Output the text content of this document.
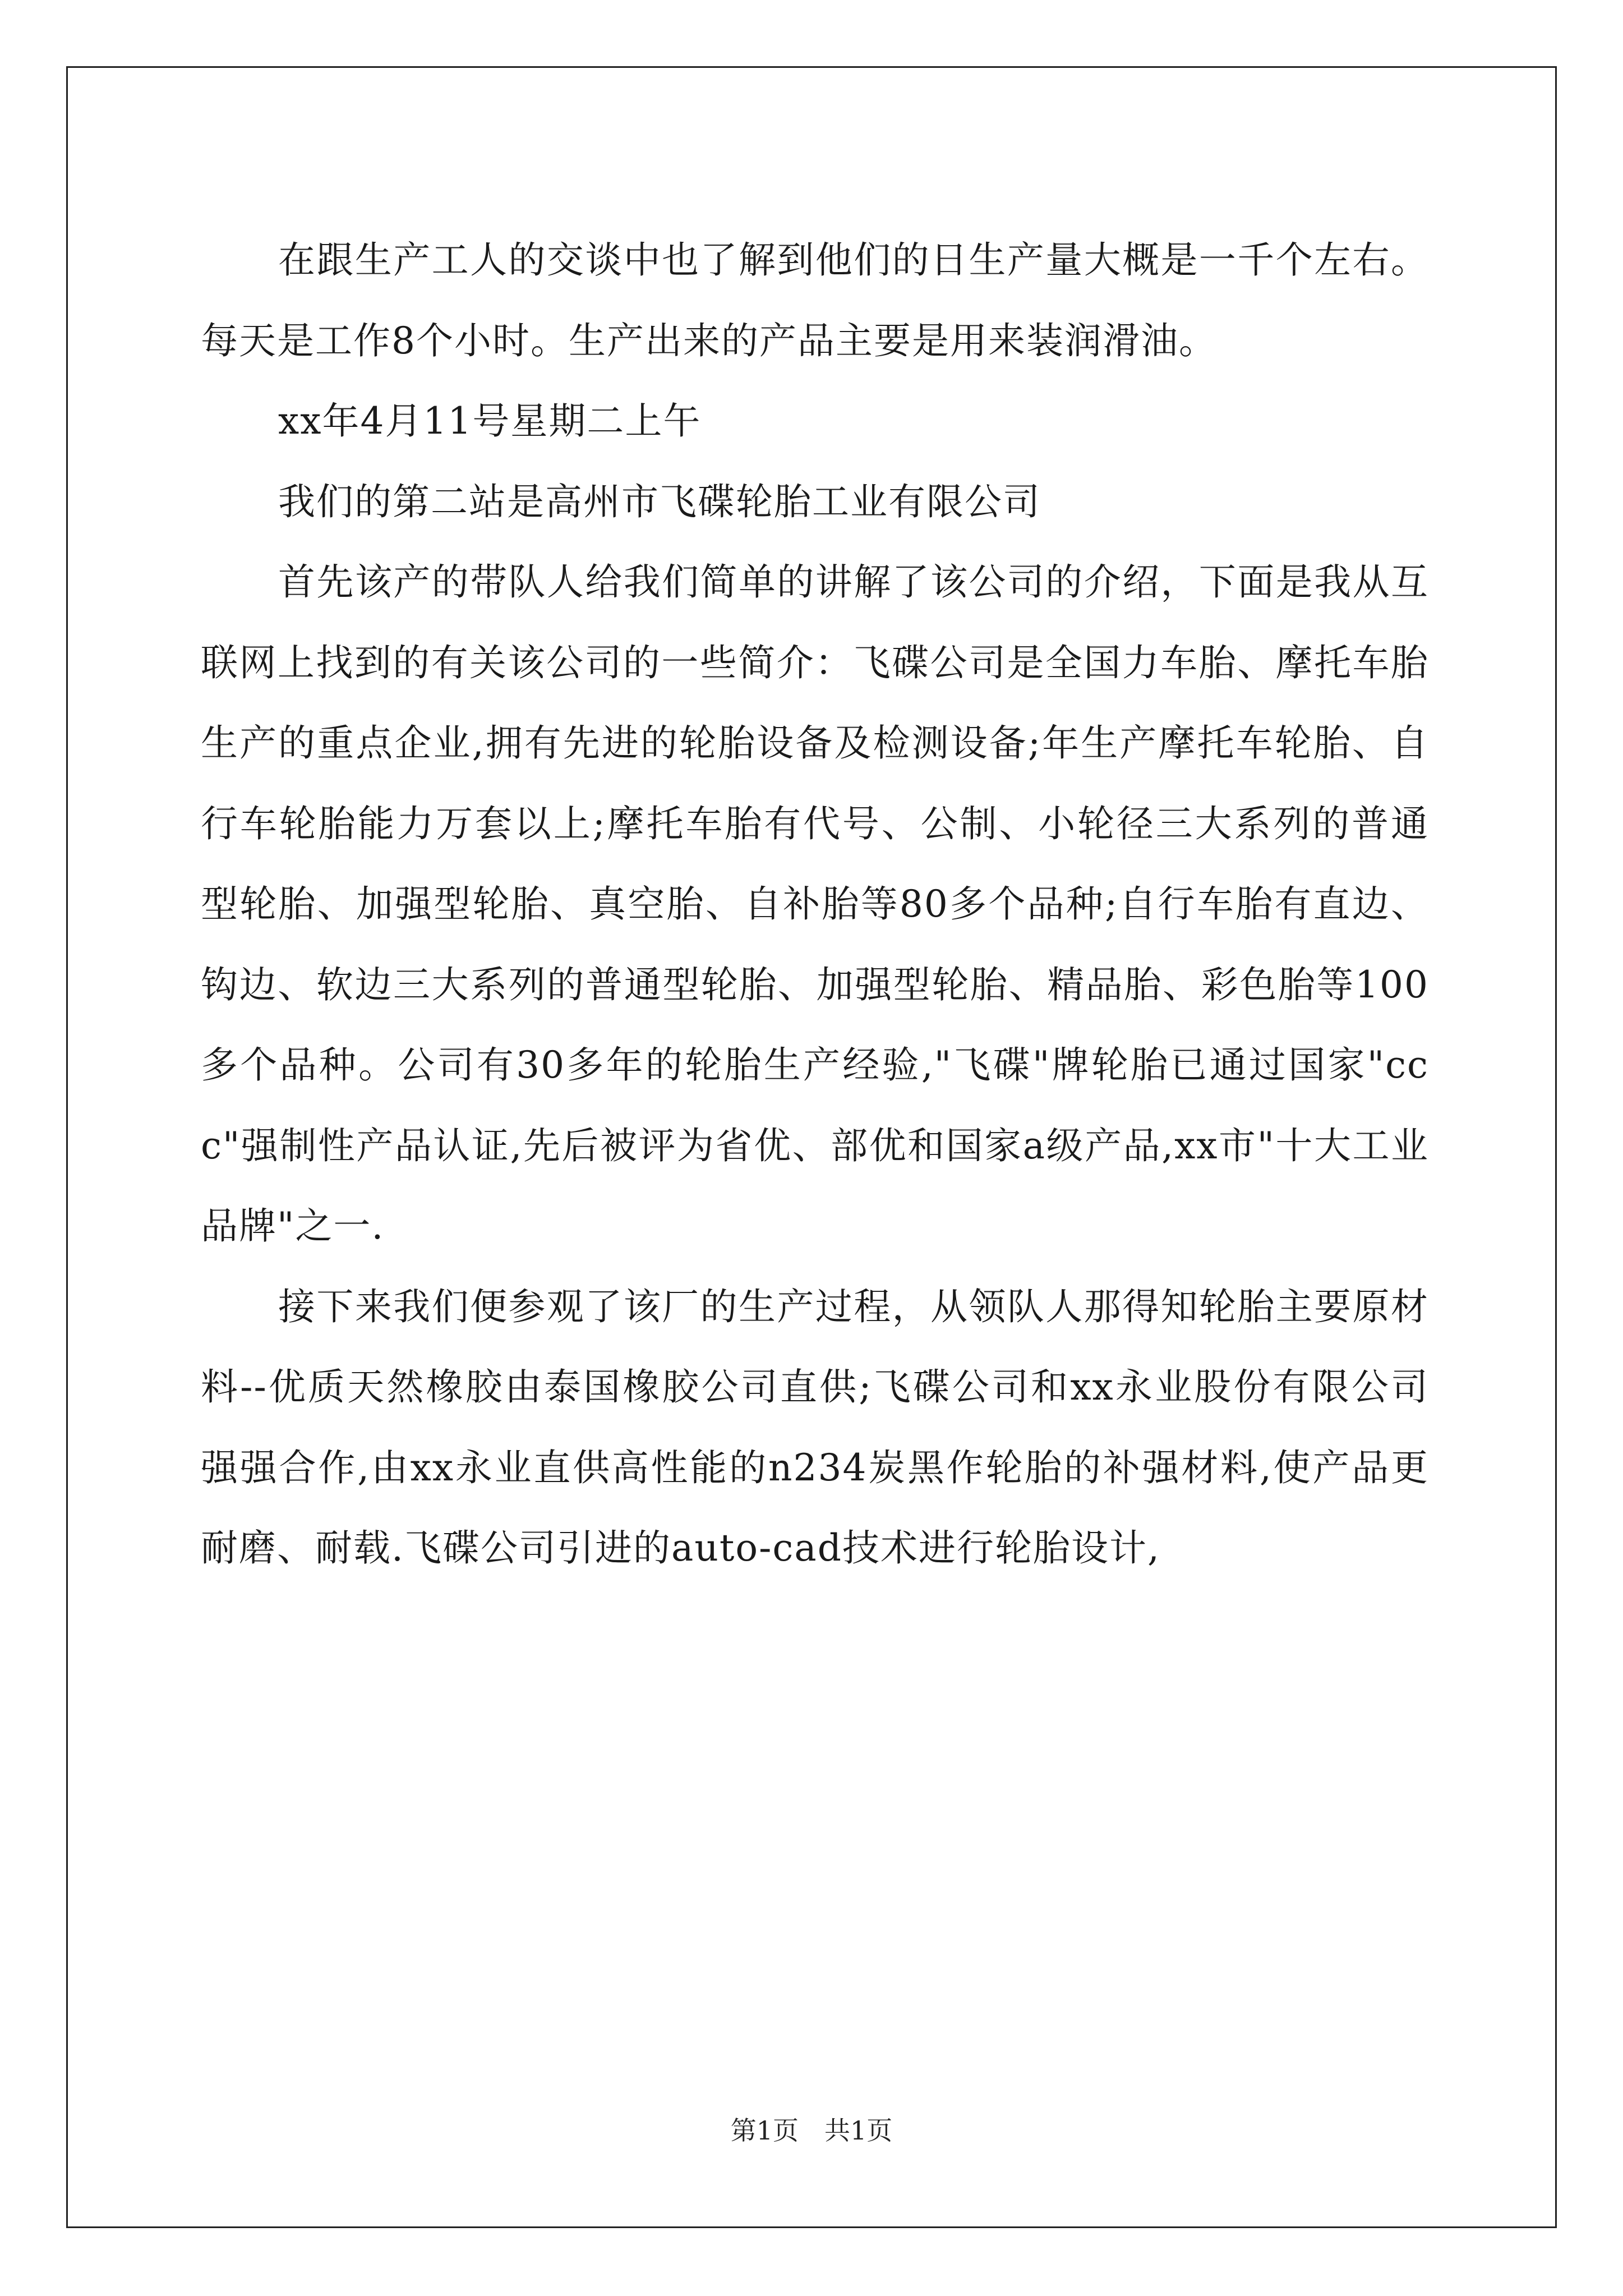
在跟生产工人的交谈中也了解到他们的日生产量大概是一千个左右。每天是工作8个小时。生产出来的产品主要是用来装润滑油。

xx年4月11号星期二上午

我们的第二站是高州市飞碟轮胎工业有限公司

首先该产的带队人给我们简单的讲解了该公司的介绍，下面是我从互联网上找到的有关该公司的一些简介：飞碟公司是全国力车胎、摩托车胎生产的重点企业,拥有先进的轮胎设备及检测设备;年生产摩托车轮胎、自行车轮胎能力万套以上;摩托车胎有代号、公制、小轮径三大系列的普通型轮胎、加强型轮胎、真空胎、自补胎等80多个品种;自行车胎有直边、钩边、软边三大系列的普通型轮胎、加强型轮胎、精品胎、彩色胎等100多个品种。公司有30多年的轮胎生产经验,"飞碟"牌轮胎已通过国家"ccc"强制性产品认证,先后被评为省优、部优和国家a级产品,xx市"十大工业品牌"之一.

接下来我们便参观了该厂的生产过程，从领队人那得知轮胎主要原材料--优质天然橡胶由泰国橡胶公司直供;飞碟公司和xx永业股份有限公司强强合作,由xx永业直供高性能的n234炭黑作轮胎的补强材料,使产品更耐磨、耐载.飞碟公司引进的auto-cad技术进行轮胎设计,

第1页 共1页
